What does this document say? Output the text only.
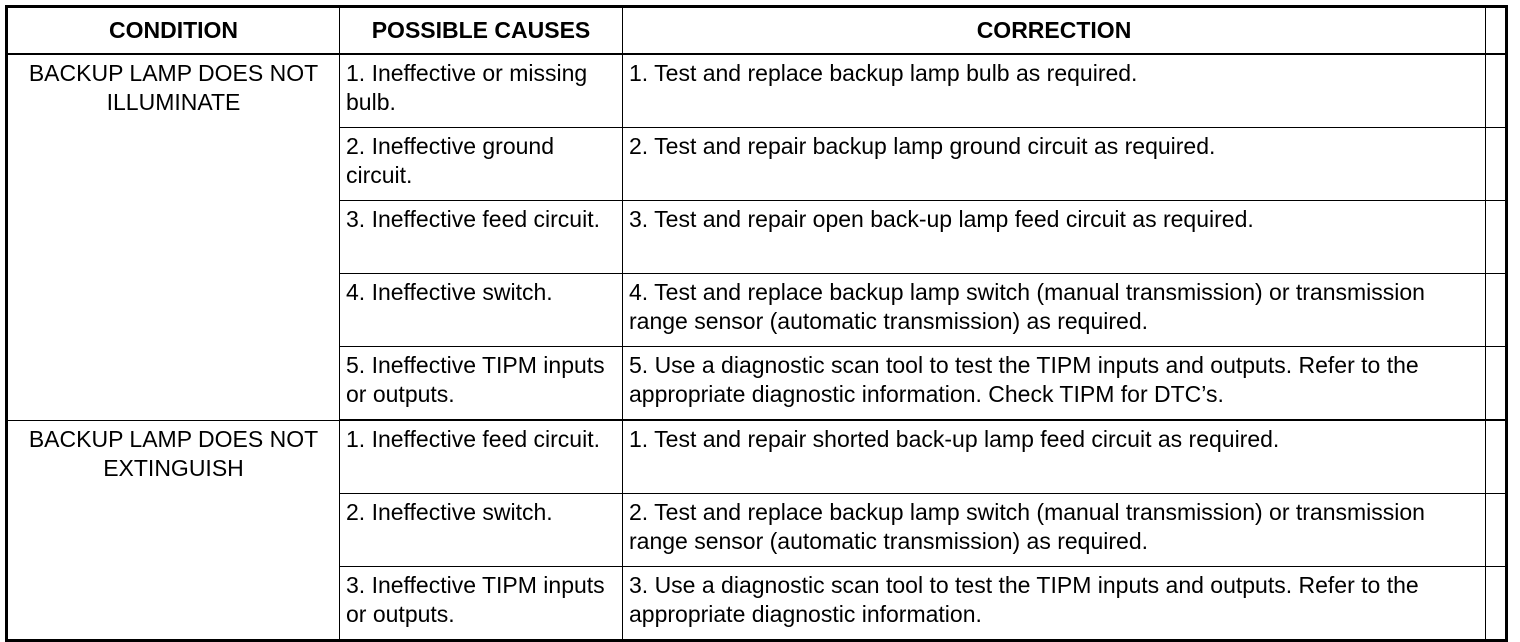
CONDITION	POSSIBLE CAUSES	CORRECTION	

BACKUP LAMP DOES NOT
ILLUMINATE	1. Ineffective or missing bulb.	1. Test and replace backup lamp bulb as required.	
	2. Ineffective ground circuit.	2. Test and repair backup lamp ground circuit as required.	
	3. Ineffective feed circuit.	3. Test and repair open back-up lamp feed circuit as required.	
	4. Ineffective switch.	4. Test and replace backup lamp switch (manual transmission) or transmission range sensor (automatic transmission) as required.	
	5. Ineffective TIPM inputs or outputs.	5. Use a diagnostic scan tool to test the TIPM inputs and outputs. Refer to the appropriate diagnostic information. Check TIPM for DTC’s.	

BACKUP LAMP DOES NOT
EXTINGUISH	1. Ineffective feed circuit.	1. Test and repair shorted back-up lamp feed circuit as required.	
	2. Ineffective switch.	2. Test and replace backup lamp switch (manual transmission) or transmission range sensor (automatic transmission) as required.	
	3. Ineffective TIPM inputs or outputs.	3. Use a diagnostic scan tool to test the TIPM inputs and outputs. Refer to the appropriate diagnostic information.	
